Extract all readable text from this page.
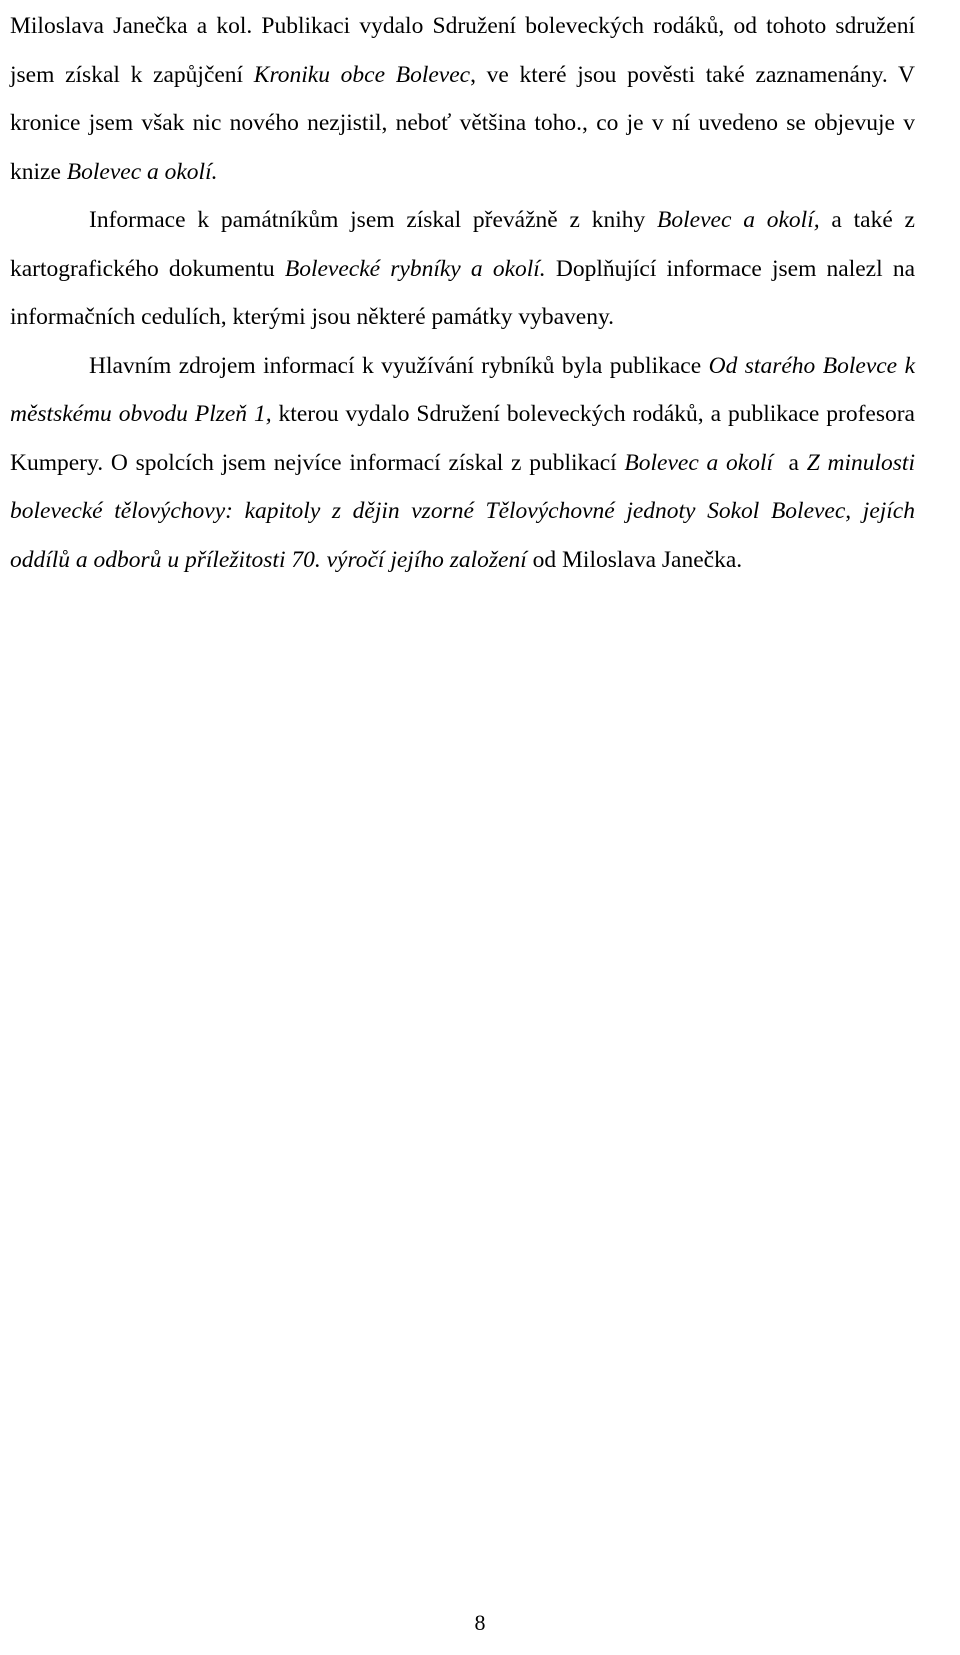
Miloslava Janečka a kol. Publikaci vydalo Sdružení boleveckých rodáků, od tohoto sdružení jsem získal k zapůjčení Kroniku obce Bolevec, ve které jsou pověsti také zaznamenány. V kronice jsem však nic nového nezjistil, neboť většina toho., co je v ní uvedeno se objevuje v knize Bolevec a okolí.

Informace k památníkům jsem získal převážně z knihy Bolevec a okolí, a také z kartografického dokumentu Bolevecké rybníky a okolí. Doplňující informace jsem nalezl na informačních cedulích, kterými jsou některé památky vybaveny.

Hlavním zdrojem informací k využívání rybníků byla publikace Od starého Bolevce k městskému obvodu Plzeň 1, kterou vydalo Sdružení boleveckých rodáků, a publikace profesora Kumpery. O spolcích jsem nejvíce informací získal z publikací Bolevec a okolí  a Z minulosti bolevecké tělovýchovy: kapitoly z dějin vzorné Tělovýchovné jednoty Sokol Bolevec, jejích oddílů a odborů u příležitosti 70. výročí jejího založení od Miloslava Janečka.

8
